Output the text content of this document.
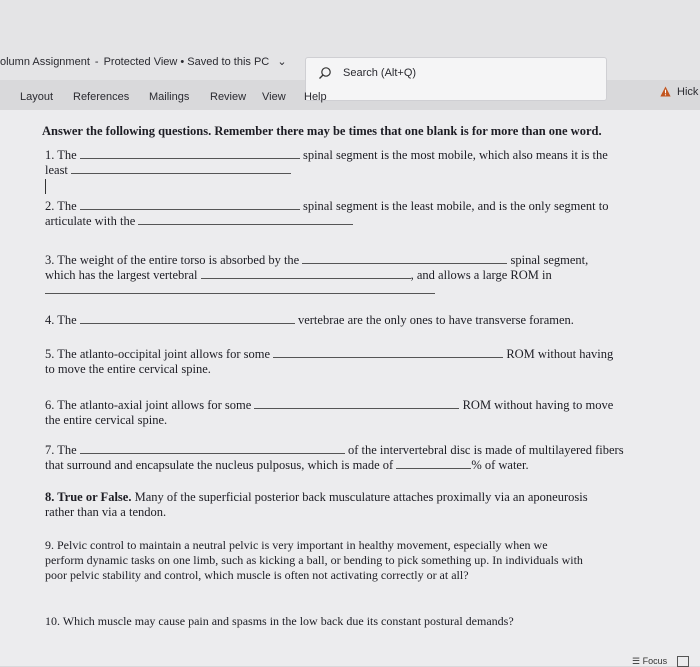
olumn Assignment - Protected View • Saved to this PC ⌄
Search (Alt+Q)
Hick
Layout References Mailings Review View Help
Answer the following questions. Remember there may be times that one blank is for more than one word.
1. The	spinal segment is the most mobile, which also means it is the
least
2. The	spinal segment is the least mobile, and is the only segment to
articulate with the
3. The weight of the entire torso is absorbed by the	spinal segment,
which has the largest vertebral	, and allows a large ROM in

4. The	vertebrae are the only ones to have transverse foramen.
5. The atlanto-occipital joint allows for some	ROM without having
to move the entire cervical spine.
6. The atlanto-axial joint allows for some	ROM without having to move
the entire cervical spine.
7. The	of the intervertebral disc is made of multilayered fibers
that surround and encapsulate the nucleus pulposus, which is made of	% of water.
8. True or False. Many of the superficial posterior back musculature attaches proximally via an aponeurosis
rather than via a tendon.
9. Pelvic control to maintain a neutral pelvic is very important in healthy movement, especially when we
perform dynamic tasks on one limb, such as kicking a ball, or bending to pick something up. In individuals with
poor pelvic stability and control, which muscle is often not activating correctly or at all?
10. Which muscle may cause pain and spasms in the low back due its constant postural demands?
☰ Focus
